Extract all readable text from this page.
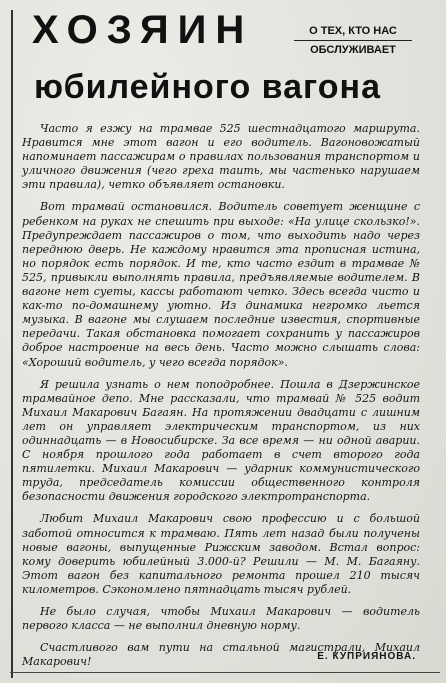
ХОЗЯИН	О ТЕХ, КТО НАС
ОБСЛУЖИВАЕТ
юбилейного вагона

Часто я езжу на трамвае 525 шестнадцатого маршрута. Нравится мне этот вагон и его водитель. Вагоновожатый напоминает пассажирам о правилах пользования транспортом и уличного движения (чего греха таить, мы частенько нарушаем эти правила), четко объявляет остановки.

Вот трамвай остановился. Водитель советует женщине с ребенком на руках не спешить при выходе: «На улице скользко!». Предупреждает пассажиров о том, что выходить надо через переднюю дверь. Не каждому нравится эта прописная истина, но порядок есть порядок. И те, кто часто ездит в трамвае № 525, привыкли выполнять правила, предъявляемые водителем. В вагоне нет суеты, кассы работают четко. Здесь всегда чисто и как-то по-домашнему уютно. Из динамика негромко льется музыка. В вагоне мы слушаем последние известия, спортивные передачи. Такая обстановка помогает сохранить у пассажиров доброе настроение на весь день. Часто можно слышать слова: «Хороший водитель, у чего всегда порядок».

Я решила узнать о нем поподробнее. Пошла в Дзержинское трамвайное депо. Мне рассказали, что трамвай № 525 водит Михаил Макарович Багаян. На протяжении двадцати с лишним лет он управляет электрическим транспортом, из них одиннадцать — в Новосибирске. За все время — ни одной аварии. С ноября прошлого года работает в счет второго года пятилетки. Михаил Макарович — ударник коммунистического труда, председатель комиссии общественного контроля безопасности движения городского электротранспорта.

Любит Михаил Макарович свою профессию и с большой заботой относится к трамваю. Пять лет назад были получены новые вагоны, выпущенные Рижским заводом. Встал вопрос: кому доверить юбилейный 3.000-й? Решили — М. М. Багаяну. Этот вагон без капитального ремонта прошел 210 тысяч километров. Сэкономлено пятнадцать тысяч рублей.

Не было случая, чтобы Михаил Макарович — водитель первого класса — не выполнил дневную норму.

Счастливого вам пути на стальной магистрали, Михаил Макарович!	Е. КУПРИЯНОВА.
